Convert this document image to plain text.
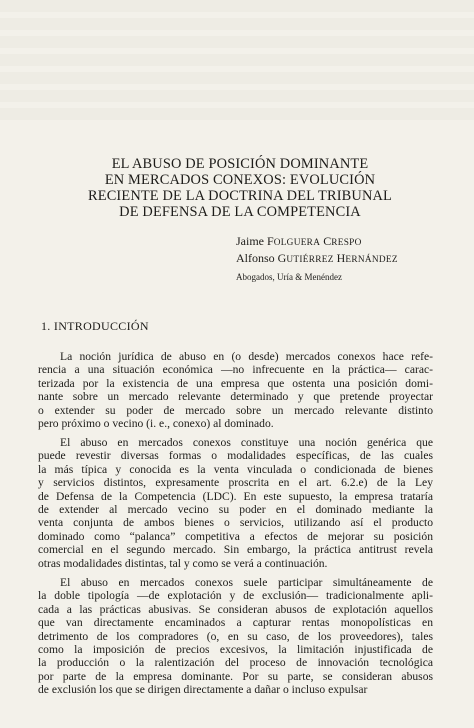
EL ABUSO DE POSICIÓN DOMINANTE
EN MERCADOS CONEXOS: EVOLUCIÓN
RECIENTE DE LA DOCTRINA DEL TRIBUNAL
DE DEFENSA DE LA COMPETENCIA
Jaime FOLGUERA CRESPO
Alfonso GUTIÉRREZ HERNÁNDEZ
Abogados, Uría & Menéndez
1. INTRODUCCIÓN
La noción jurídica de abuso en (o desde) mercados conexos hace refe-
rencia a una situación económica —no infrecuente en la práctica— carac-
terizada por la existencia de una empresa que ostenta una posición domi-
nante sobre un mercado relevante determinado y que pretende proyectar
o extender su poder de mercado sobre un mercado relevante distinto
pero próximo o vecino (i. e., conexo) al dominado.
El abuso en mercados conexos constituye una noción genérica que
puede revestir diversas formas o modalidades específicas, de las cuales
la más típica y conocida es la venta vinculada o condicionada de bienes
y servicios distintos, expresamente proscrita en el art. 6.2.e) de la Ley
de Defensa de la Competencia (LDC). En este supuesto, la empresa trataría
de extender al mercado vecino su poder en el dominado mediante la
venta conjunta de ambos bienes o servicios, utilizando así el producto
dominado como “palanca” competitiva a efectos de mejorar su posición
comercial en el segundo mercado. Sin embargo, la práctica antitrust revela
otras modalidades distintas, tal y como se verá a continuación.
El abuso en mercados conexos suele participar simultáneamente de
la doble tipología —de explotación y de exclusión— tradicionalmente apli-
cada a las prácticas abusivas. Se consideran abusos de explotación aquellos
que van directamente encaminados a capturar rentas monopolísticas en
detrimento de los compradores (o, en su caso, de los proveedores), tales
como la imposición de precios excesivos, la limitación injustificada de
la producción o la ralentización del proceso de innovación tecnológica
por parte de la empresa dominante. Por su parte, se consideran abusos
de exclusión los que se dirigen directamente a dañar o incluso expulsar
